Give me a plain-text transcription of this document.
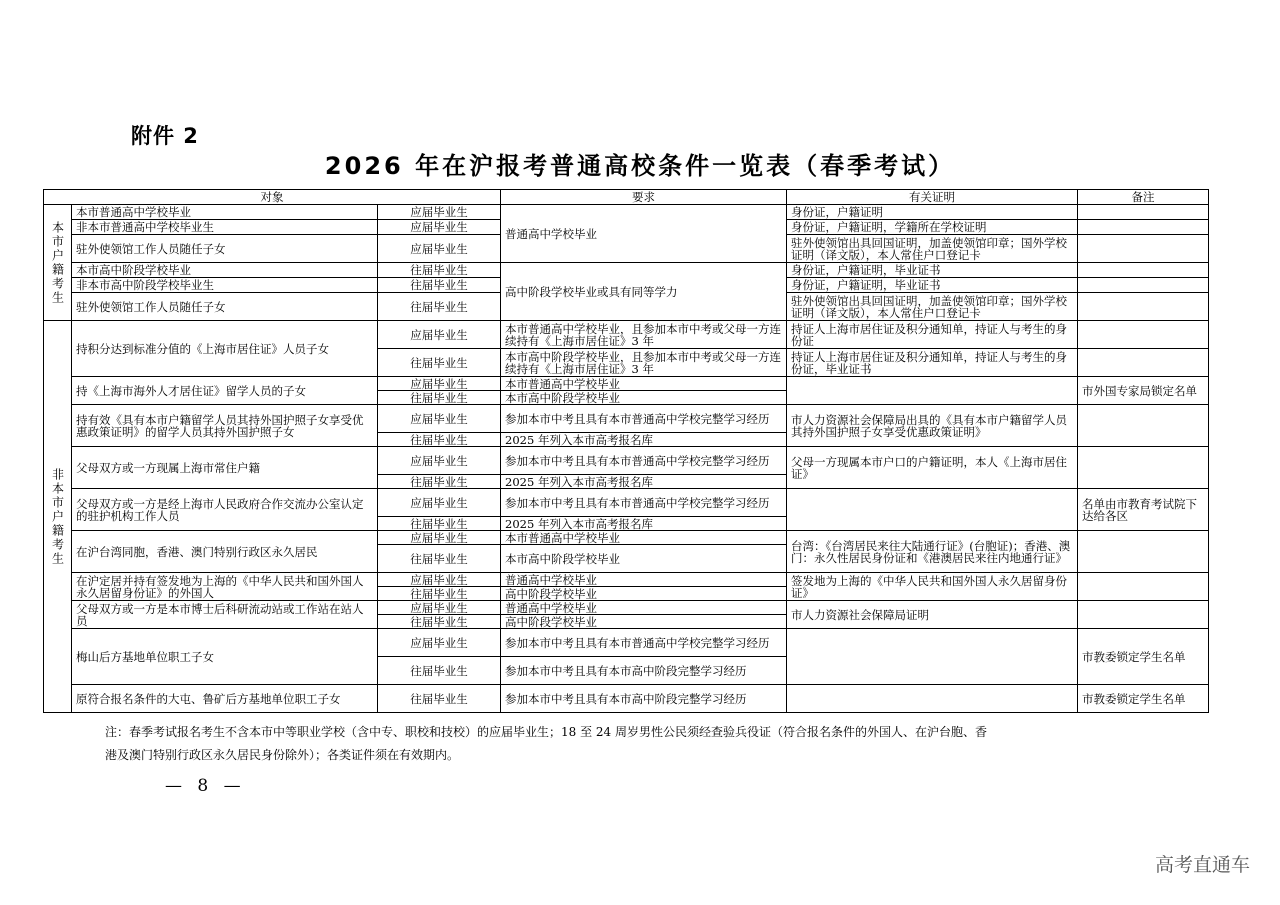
附件 2
2026 年在沪报考普通高校条件一览表（春季考试）
对象			要求	有关证明	备注
本市户籍考生	本市普通高中学校毕业	应届毕业生	普通高中学校毕业	身份证，户籍证明	
	非本市普通高中学校毕业生	应届毕业生		身份证，户籍证明，学籍所在学校证明	
	驻外使领馆工作人员随任子女	应届毕业生		驻外使领馆出具回国证明，加盖使领馆印章；国外学校证明（译文版），本人常住户口登记卡	
	本市高中阶段学校毕业	往届毕业生	高中阶段学校毕业或具有同等学力	身份证，户籍证明，毕业证书	
	非本市高中阶段学校毕业生	往届毕业生		身份证，户籍证明，毕业证书	
	驻外使领馆工作人员随任子女	往届毕业生		驻外使领馆出具回国证明，加盖使领馆印章；国外学校证明（译文版），本人常住户口登记卡	
非本市户籍考生	持积分达到标准分值的《上海市居住证》人员子女	应届毕业生	本市普通高中学校毕业，且参加本市中考或父母一方连续持有《上海市居住证》3 年	持证人上海市居住证及积分通知单，持证人与考生的身份证	
		往届毕业生	本市高中阶段学校毕业，且参加本市中考或父母一方连续持有《上海市居住证》3 年	持证人上海市居住证及积分通知单，持证人与考生的身份证，毕业证书	
	持《上海市海外人才居住证》留学人员的子女	应届毕业生	本市普通高中学校毕业		市外国专家局锁定名单
		往届毕业生	本市高中阶段学校毕业		
	持有效《具有本市户籍留学人员其持外国护照子女享受优惠政策证明》的留学人员其持外国护照子女	应届毕业生	参加本市中考且具有本市普通高中学校完整学习经历	市人力资源社会保障局出具的《具有本市户籍留学人员其持外国护照子女享受优惠政策证明》	
		往届毕业生	2025 年列入本市高考报名库		
	父母双方或一方现属上海市常住户籍	应届毕业生	参加本市中考且具有本市普通高中学校完整学习经历	父母一方现属本市户口的户籍证明，本人《上海市居住证》	
		往届毕业生	2025 年列入本市高考报名库		
	父母双方或一方是经上海市人民政府合作交流办公室认定的驻护机构工作人员	应届毕业生	参加本市中考且具有本市普通高中学校完整学习经历		名单由市教育考试院下达给各区
		往届毕业生	2025 年列入本市高考报名库		
	在沪台湾同胞，香港、澳门特别行政区永久居民	应届毕业生	本市普通高中学校毕业	台湾：《台湾居民来往大陆通行证》(台胞证)；香港、澳门：永久性居民身份证和《港澳居民来往内地通行证》	
		往届毕业生	本市高中阶段学校毕业		
	在沪定居并持有签发地为上海的《中华人民共和国外国人永久居留身份证》的外国人	应届毕业生	普通高中学校毕业	签发地为上海的《中华人民共和国外国人永久居留身份证》	
		往届毕业生	高中阶段学校毕业		
	父母双方或一方是本市博士后科研流动站或工作站在站人员	应届毕业生	普通高中学校毕业	市人力资源社会保障局证明	
		往届毕业生	高中阶段学校毕业		
	梅山后方基地单位职工子女	应届毕业生	参加本市中考且具有本市普通高中学校完整学习经历		市教委锁定学生名单
		往届毕业生	参加本市中考且具有本市高中阶段完整学习经历		
	原符合报名条件的大屯、鲁矿后方基地单位职工子女	往届毕业生	参加本市中考且具有本市高中阶段完整学习经历		市教委锁定学生名单
注：春季考试报名考生不含本市中等职业学校（含中专、职校和技校）的应届毕业生；18 至 24 周岁男性公民须经查验兵役证（符合报名条件的外国人、在沪台胞、香
港及澳门特别行政区永久居民身份除外）；各类证件须在有效期内。
— 8 —
高考直通车
